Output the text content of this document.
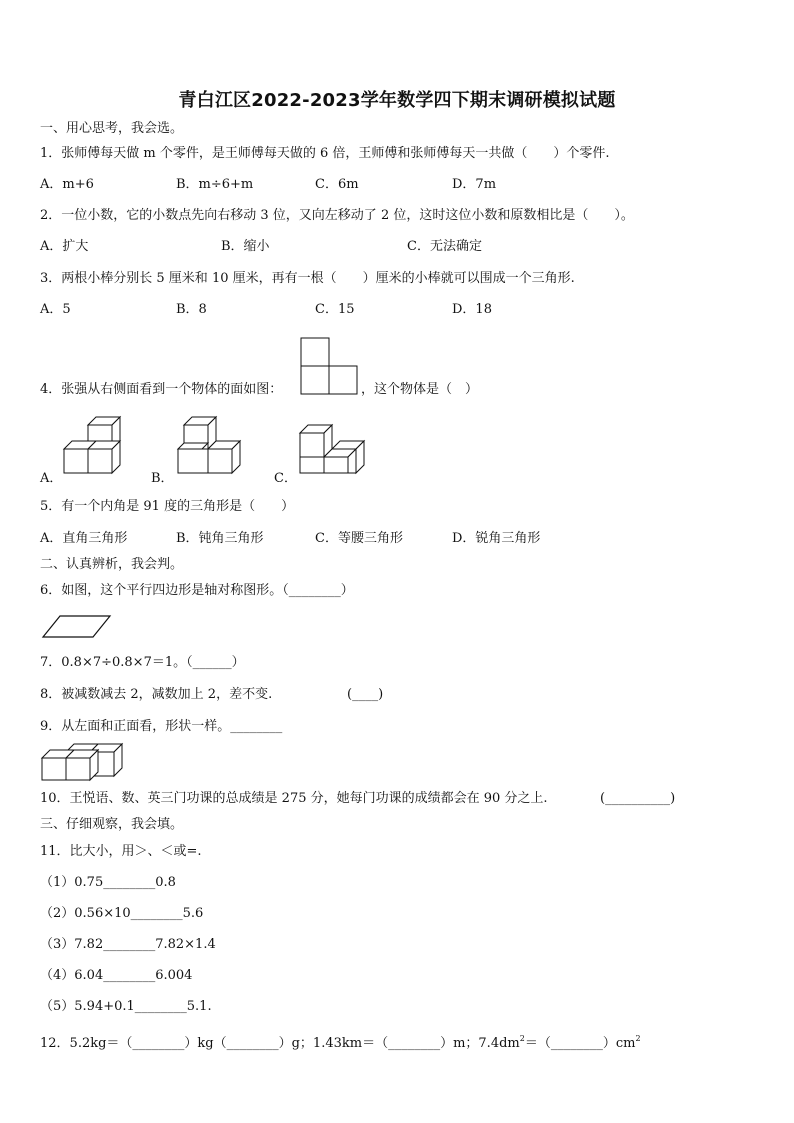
青白江区2022-2023学年数学四下期末调研模拟试题
一、用心思考，我会选。
1．张师傅每天做 m 个零件，是王师傅每天做的 6 倍，王师傅和张师傅每天一共做（　　）个零件.
A．m+6	B．m÷6+m	C．6m	D．7m
2．一位小数，它的小数点先向右移动 3 位，又向左移动了 2 位，这时这位小数和原数相比是（　　）。
A．扩大	B．缩小	C．无法确定
3．两根小棒分别长 5 厘米和 10 厘米，再有一根（　　）厘米的小棒就可以围成一个三角形.
A．5	B．8	C．15	D．18
4．张强从右侧面看到一个物体的面如图：	，这个物体是（　）
A．	B．	C．
5．有一个内角是 91 度的三角形是（　　）
A．直角三角形	B．钝角三角形	C．等腰三角形	D．锐角三角形
二、认真辨析，我会判。
6．如图，这个平行四边形是轴对称图形。（________）
7．0.8×7÷0.8×7＝1。（______）
8．被减数减去 2，减数加上 2，差不变.	(____)
9．从左面和正面看，形状一样。________
10．王悦语、数、英三门功课的总成绩是 275 分，她每门功课的成绩都会在 90 分之上.	(__________)
三、仔细观察，我会填。
11．比大小，用＞、＜或=.
（1）0.75________0.8
（2）0.56×10________5.6
（3）7.82________7.82×1.4
（4）6.04________6.004
（5）5.94+0.1________5.1.
12．5.2kg＝（________）kg（________）g；1.43km＝（________）m；$7.4dm^2=(\_\_\_\_\_\_\_\_)cm^2$
